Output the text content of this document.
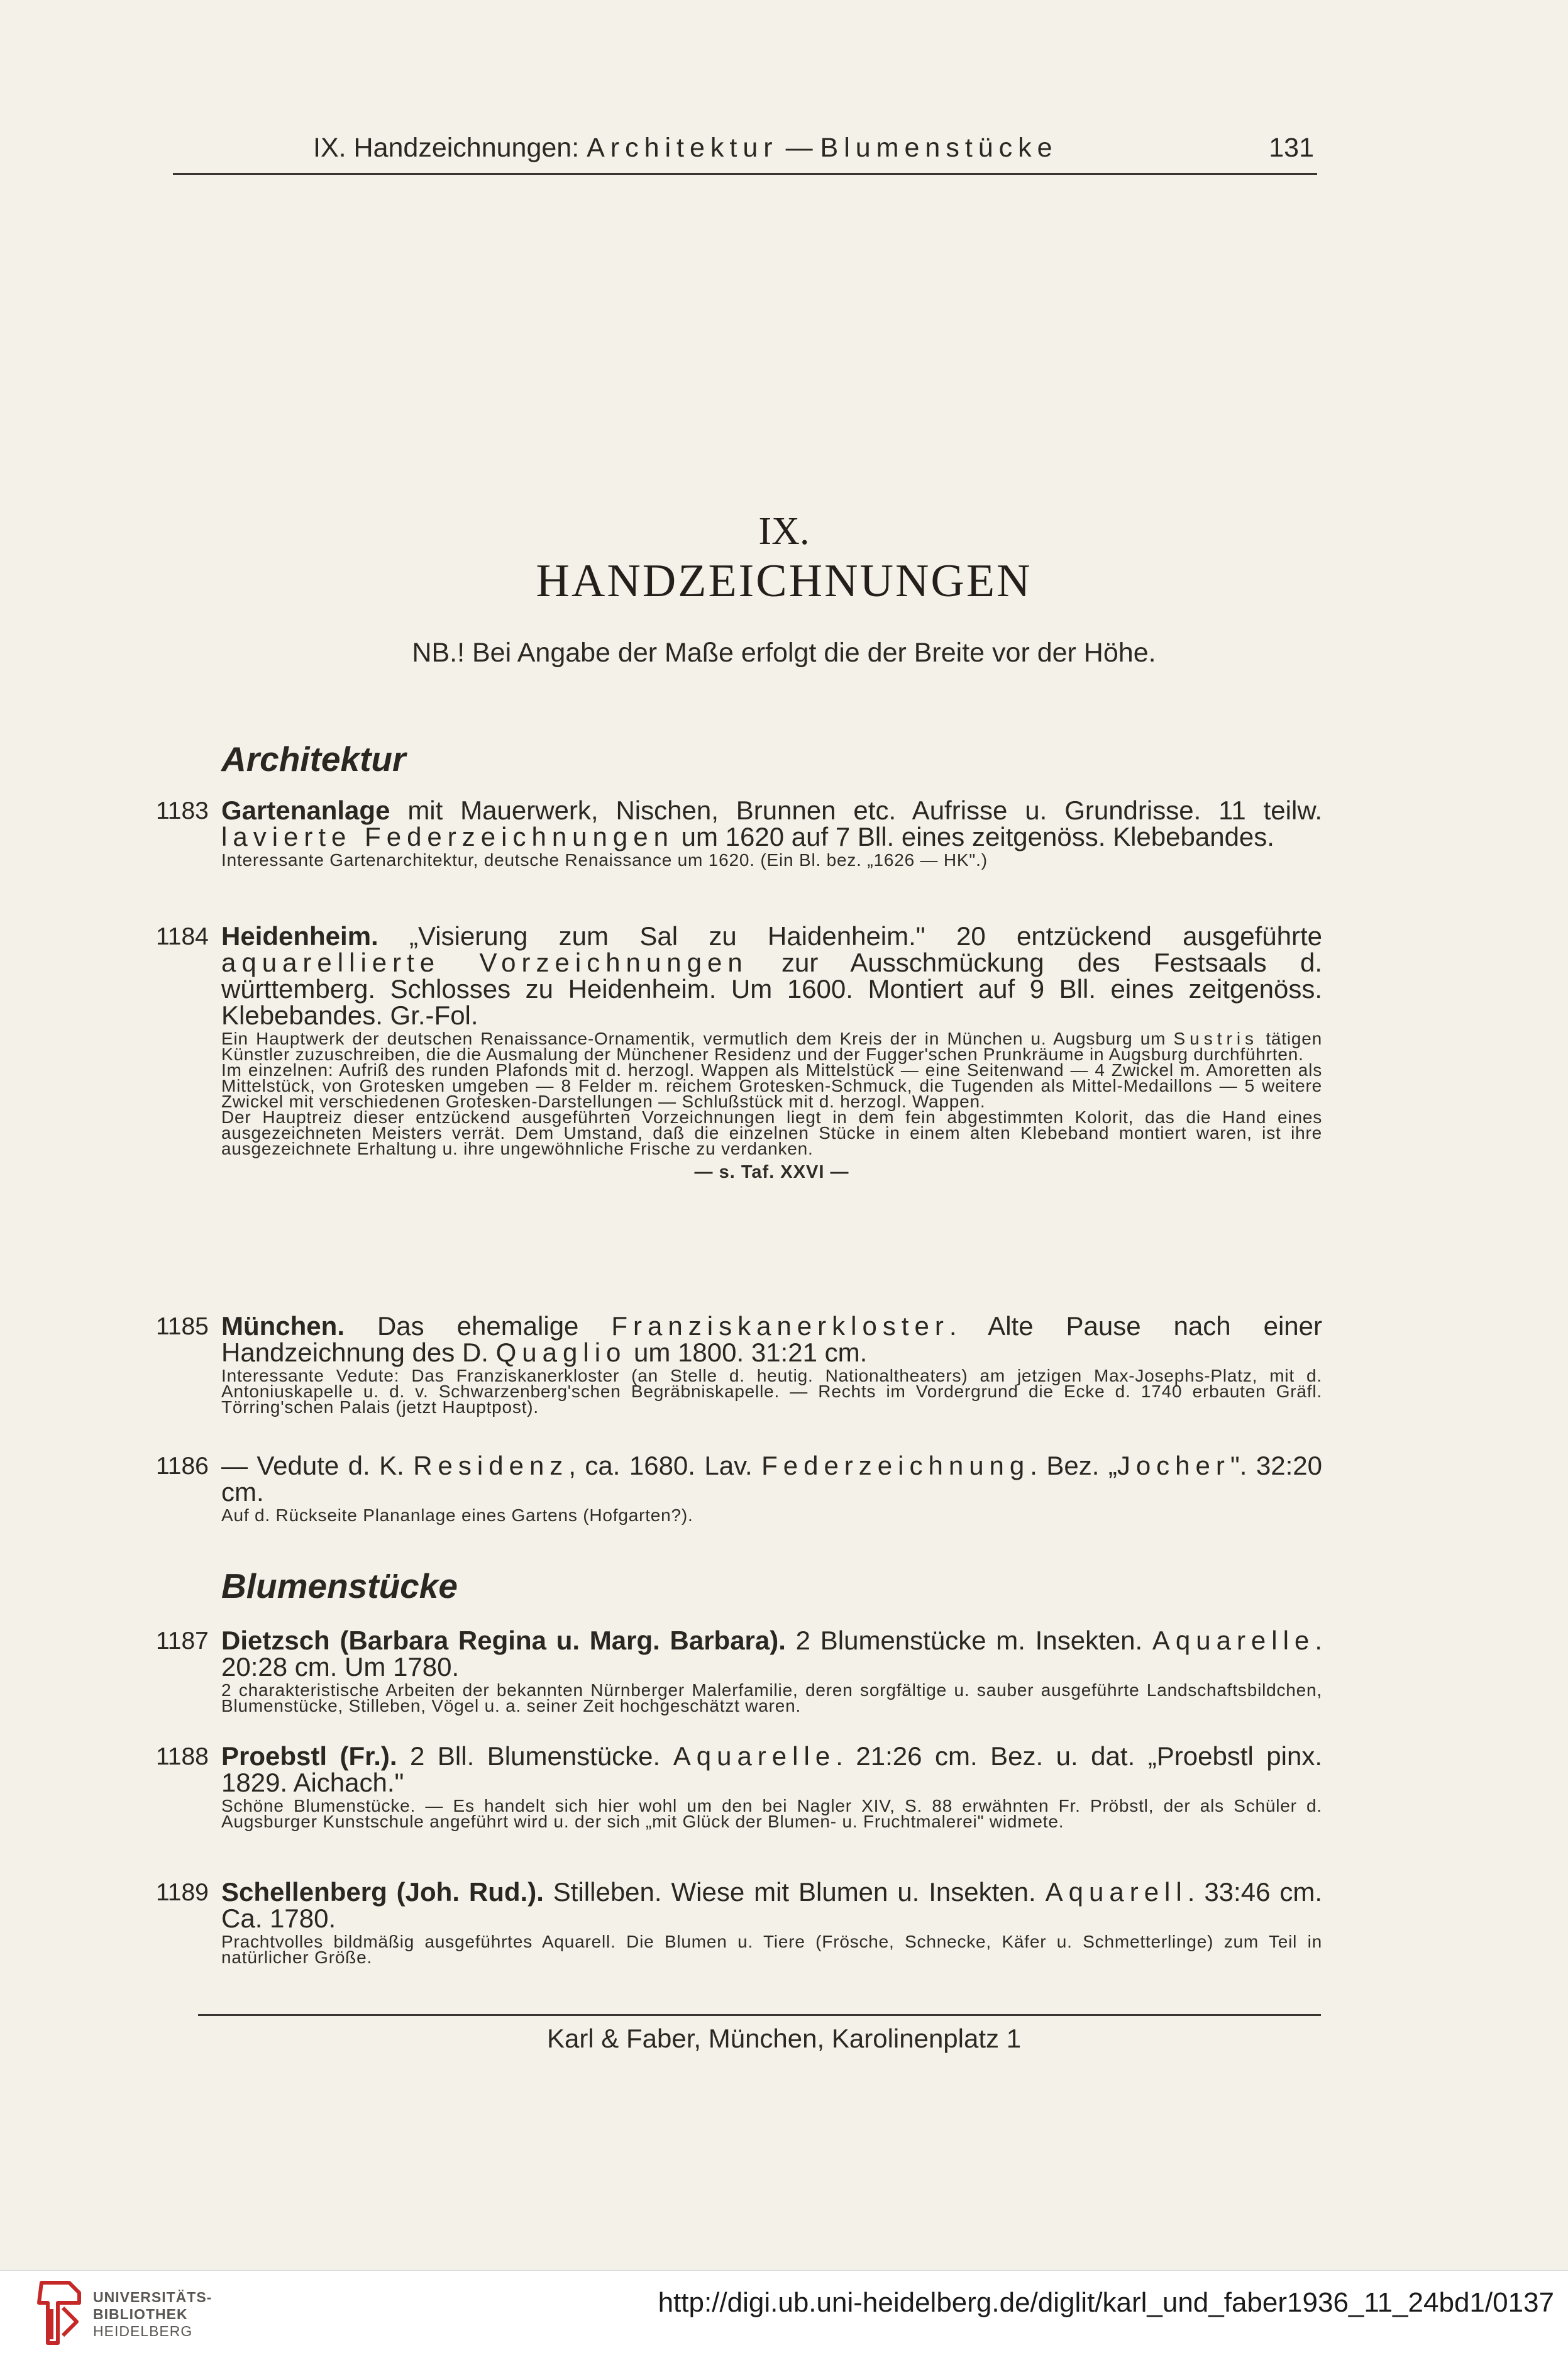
IX. Handzeichnungen: Architektur — Blumenstücke	131
IX.
HANDZEICHNUNGEN
NB.! Bei Angabe der Maße erfolgt die der Breite vor der Höhe.
Architektur
1183 Gartenanlage mit Mauerwerk, Nischen, Brunnen etc. Aufrisse u. Grundrisse. 11 teilw. lavierte Federzeichnungen um 1620 auf 7 Bll. eines zeitgenöss. Klebebandes.
Interessante Gartenarchitektur, deutsche Renaissance um 1620. (Ein Bl. bez. „1626 — HK".)
1184 Heidenheim. „Visierung zum Sal zu Haidenheim." 20 entzückend ausgeführte aquarellierte Vorzeichnungen zur Ausschmückung des Festsaals d. württemberg. Schlosses zu Heidenheim. Um 1600. Montiert auf 9 Bll. eines zeitgenöss. Klebebandes. Gr.-Fol.
Ein Hauptwerk der deutschen Renaissance-Ornamentik, vermutlich dem Kreis der in München u. Augsburg um Sustris tätigen Künstler zuzuschreiben, die die Ausmalung der Münchener Residenz und der Fugger'schen Prunkräume in Augsburg durchführten.
Im einzelnen: Aufriß des runden Plafonds mit d. herzogl. Wappen als Mittelstück — eine Seitenwand — 4 Zwickel m. Amoretten als Mittelstück, von Grotesken umgeben — 8 Felder m. reichem Grotesken-Schmuck, die Tugenden als Mittel-Medaillons — 5 weitere Zwickel mit verschiedenen Grotesken-Darstellungen — Schlußstück mit d. herzogl. Wappen.
Der Hauptreiz dieser entzückend ausgeführten Vorzeichnungen liegt in dem fein abgestimmten Kolorit, das die Hand eines ausgezeichneten Meisters verrät. Dem Umstand, daß die einzelnen Stücke in einem alten Klebeband montiert waren, ist ihre ausgezeichnete Erhaltung u. ihre ungewöhnliche Frische zu verdanken.
— s. Taf. XXVI —
1185 München. Das ehemalige Franziskanerkloster. Alte Pause nach einer Handzeichnung des D. Quaglio um 1800. 31:21 cm.
Interessante Vedute: Das Franziskanerkloster (an Stelle d. heutig. Nationaltheaters) am jetzigen Max-Josephs-Platz, mit d. Antoniuskapelle u. d. v. Schwarzenberg'schen Begräbniskapelle. — Rechts im Vordergrund die Ecke d. 1740 erbauten Gräfl. Törring'schen Palais (jetzt Hauptpost).
1186 — Vedute d. K. Residenz, ca. 1680. Lav. Federzeichnung. Bez. „Jocher". 32:20 cm.
Auf d. Rückseite Plananlage eines Gartens (Hofgarten?).
Blumenstücke
1187 Dietzsch (Barbara Regina u. Marg. Barbara). 2 Blumenstücke m. Insekten. Aquarelle. 20:28 cm. Um 1780.
2 charakteristische Arbeiten der bekannten Nürnberger Malerfamilie, deren sorgfältige u. sauber ausgeführte Landschaftsbildchen, Blumenstücke, Stilleben, Vögel u. a. seiner Zeit hochgeschätzt waren.
1188 Proebstl (Fr.). 2 Bll. Blumenstücke. Aquarelle. 21:26 cm. Bez. u. dat. „Proebstl pinx. 1829. Aichach."
Schöne Blumenstücke. — Es handelt sich hier wohl um den bei Nagler XIV, S. 88 erwähnten Fr. Pröbstl, der als Schüler d. Augsburger Kunstschule angeführt wird u. der sich „mit Glück der Blumen- u. Fruchtmalerei" widmete.
1189 Schellenberg (Joh. Rud.). Stilleben. Wiese mit Blumen u. Insekten. Aquarell. 33:46 cm. Ca. 1780.
Prachtvolles bildmäßig ausgeführtes Aquarell. Die Blumen u. Tiere (Frösche, Schnecke, Käfer u. Schmetterlinge) zum Teil in natürlicher Größe.
Karl & Faber, München, Karolinenplatz 1
UNIVERSITÄTS-
BIBLIOTHEK
HEIDELBERG
http://digi.ub.uni-heidelberg.de/diglit/karl_und_faber1936_11_24bd1/0137
